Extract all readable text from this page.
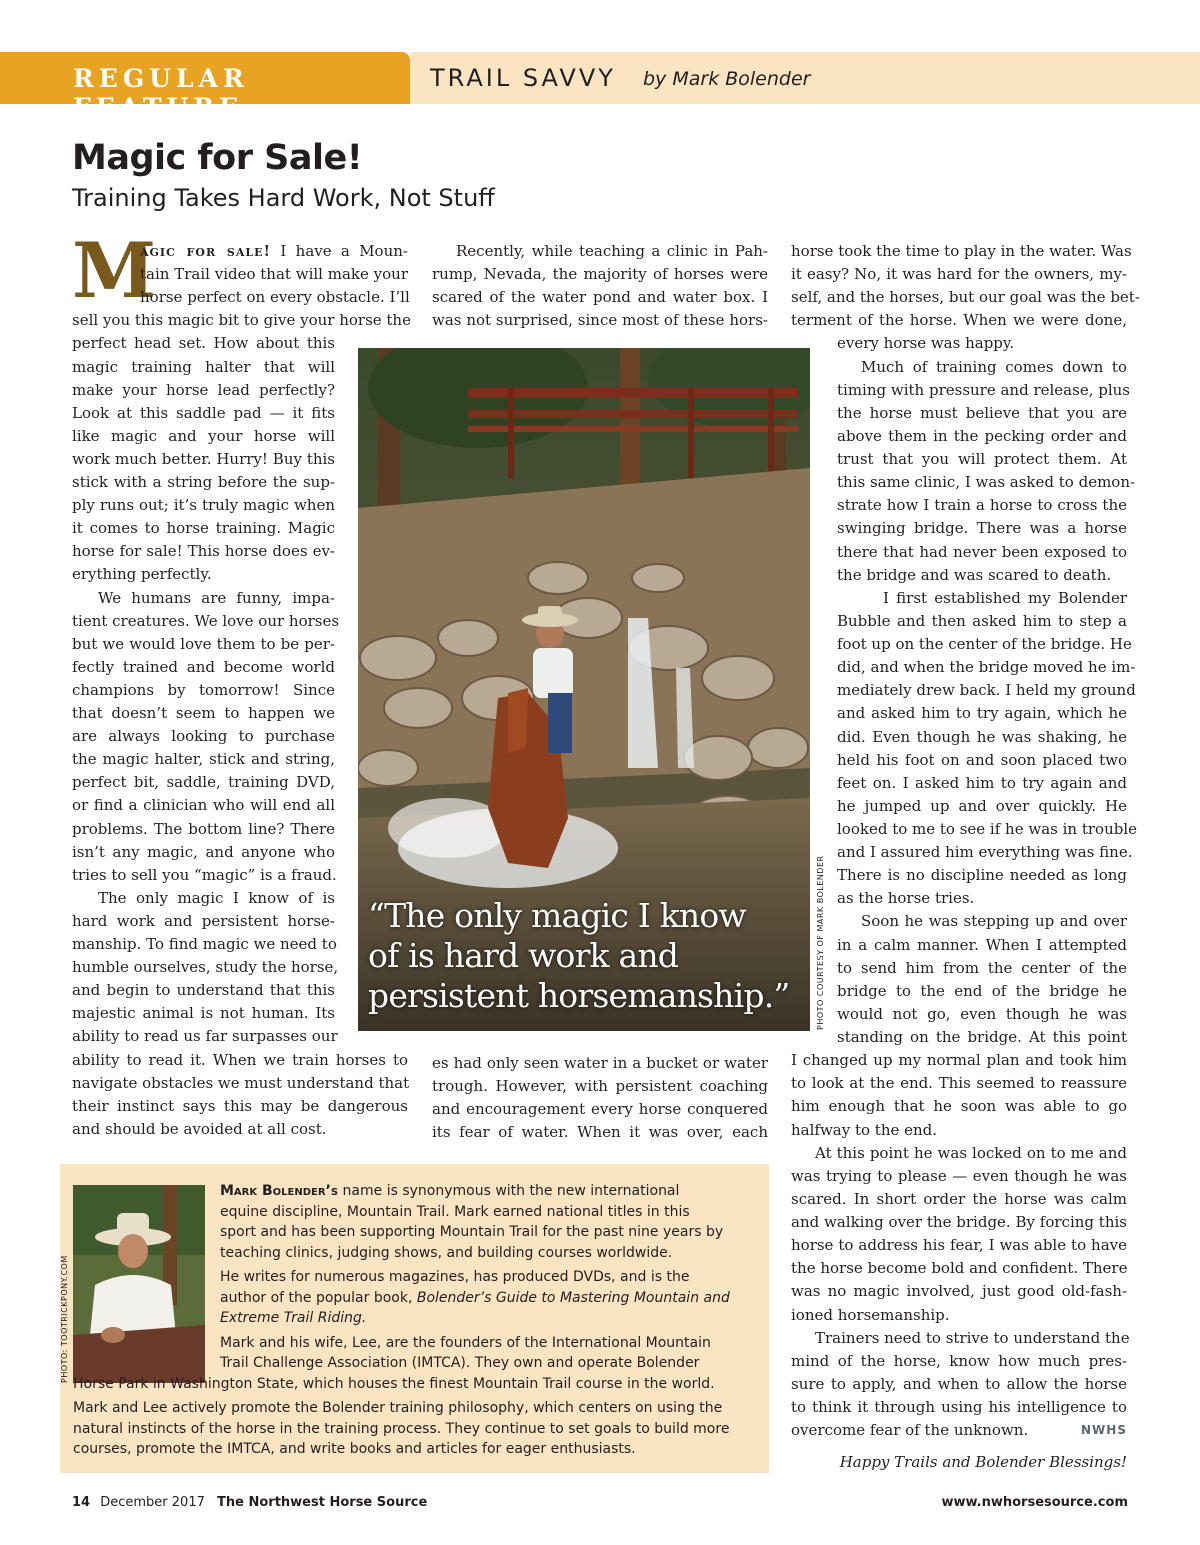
REGULAR FEATURE
TRAIL SAVVY by Mark Bolender
Magic for Sale!
Training Takes Hard Work, Not Stuff
M
agic for sale! I have a Moun-
tain Trail video that will make your
horse perfect on every obstacle. I’ll
sell you this magic bit to give your horse the
perfect head set. How about this
magic training halter that will
make your horse lead perfectly?
Look at this saddle pad — it fits
like magic and your horse will
work much better. Hurry! Buy this
stick with a string before the sup-
ply runs out; it’s truly magic when
it comes to horse training. Magic
horse for sale! This horse does ev-
erything perfectly.
We humans are funny, impa-
tient creatures. We love our horses
but we would love them to be per-
fectly trained and become world
champions by tomorrow! Since
that doesn’t seem to happen we
are always looking to purchase
the magic halter, stick and string,
perfect bit, saddle, training DVD,
or find a clinician who will end all
problems. The bottom line? There
isn’t any magic, and anyone who
tries to sell you “magic” is a fraud.
The only magic I know of is
hard work and persistent horse-
manship. To find magic we need to
humble ourselves, study the horse,
and begin to understand that this
majestic animal is not human. Its
ability to read us far surpasses our
ability to read it. When we train horses to
navigate obstacles we must understand that
their instinct says this may be dangerous
and should be avoided at all cost.
Recently, while teaching a clinic in Pah-
rump, Nevada, the majority of horses were
scared of the water pond and water box. I
was not surprised, since most of these hors-
es had only seen water in a bucket or water
trough. However, with persistent coaching
and encouragement every horse conquered
its fear of water. When it was over, each
“The only magic I know
of is hard work and
persistent horsemanship.”	PHOTO COURTESY OF MARK BOLENDER
horse took the time to play in the water. Was
it easy? No, it was hard for the owners, my-
self, and the horses, but our goal was the bet-
terment of the horse. When we were done,
every horse was happy.
Much of training comes down to
timing with pressure and release, plus
the horse must believe that you are
above them in the pecking order and
trust that you will protect them. At
this same clinic, I was asked to demon-
strate how I train a horse to cross the
swinging bridge. There was a horse
there that had never been exposed to
the bridge and was scared to death.
I first established my Bolender
Bubble and then asked him to step a
foot up on the center of the bridge. He
did, and when the bridge moved he im-
mediately drew back. I held my ground
and asked him to try again, which he
did. Even though he was shaking, he
held his foot on and soon placed two
feet on. I asked him to try again and
he jumped up and over quickly. He
looked to me to see if he was in trouble
and I assured him everything was fine.
There is no discipline needed as long
as the horse tries.
Soon he was stepping up and over
in a calm manner. When I attempted
to send him from the center of the
bridge to the end of the bridge he
would not go, even though he was
standing on the bridge. At this point
I changed up my normal plan and took him
to look at the end. This seemed to reassure
him enough that he soon was able to go
halfway to the end.
At this point he was locked on to me and
was trying to please — even though he was
scared. In short order the horse was calm
and walking over the bridge. By forcing this
horse to address his fear, I was able to have
the horse become bold and confident. There
was no magic involved, just good old-fash-
ioned horsemanship.
Trainers need to strive to understand the
mind of the horse, know how much pres-
sure to apply, and when to allow the horse
to think it through using his intelligence to
overcome fear of the unknown.	NWHS
PHOTO: TOOTRICKPONY.COM
Mark Bolender’s name is synonymous with the new international
equine discipline, Mountain Trail. Mark earned national titles in this
sport and has been supporting Mountain Trail for the past nine years by
teaching clinics, judging shows, and building courses worldwide.
He writes for numerous magazines, has produced DVDs, and is the
author of the popular book, Bolender’s Guide to Mastering Mountain and
Extreme Trail Riding.
Mark and his wife, Lee, are the founders of the International Mountain
Trail Challenge Association (IMTCA). They own and operate Bolender
Horse Park in Washington State, which houses the finest Mountain Trail course in the world.
Mark and Lee actively promote the Bolender training philosophy, which centers on using the
natural instincts of the horse in the training process. They continue to set goals to build more
courses, promote the IMTCA, and write books and articles for eager enthusiasts.
Happy Trails and Bolender Blessings!
14 December 2017 The Northwest Horse Source	www.nwhorsesource.com
